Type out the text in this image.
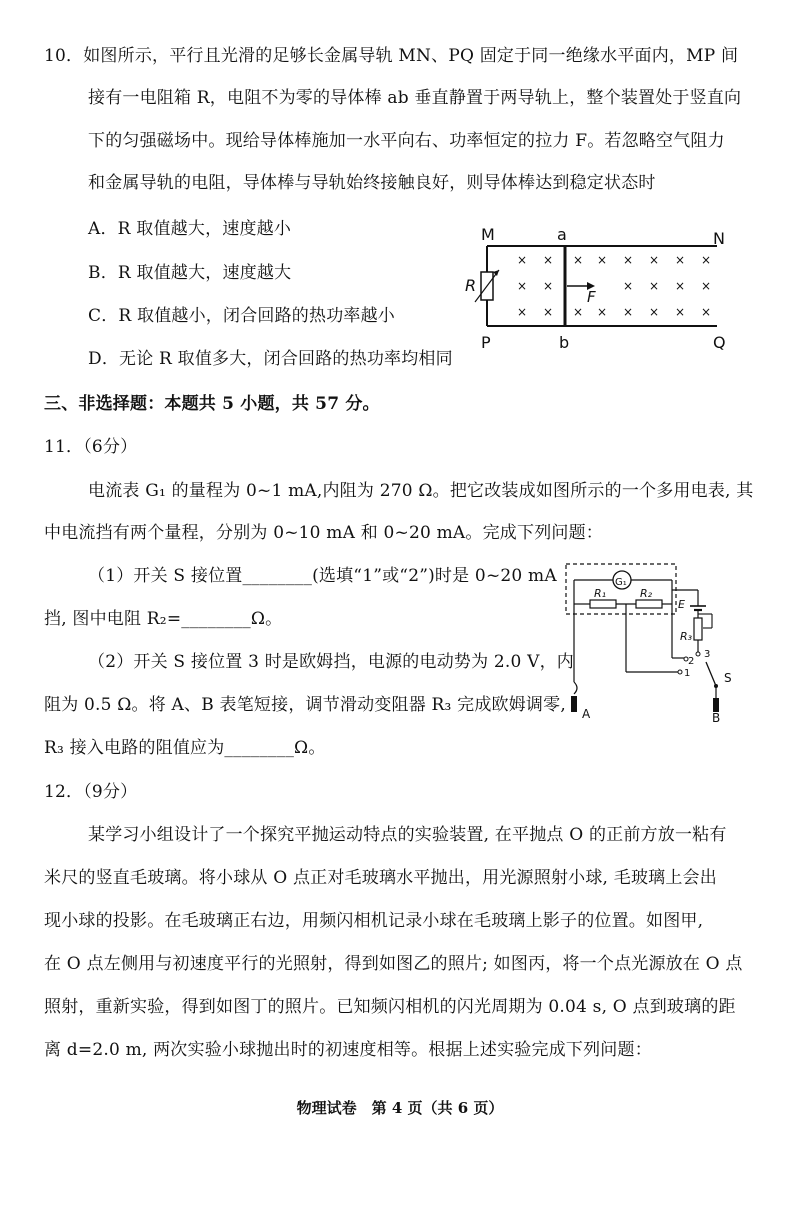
10．如图所示，平行且光滑的足够长金属导轨 MN、PQ 固定于同一绝缘水平面内，MP 间
接有一电阻箱 R，电阻不为零的导体棒 ab 垂直静置于两导轨上，整个装置处于竖直向
下的匀强磁场中。现给导体棒施加一水平向右、功率恒定的拉力 F。若忽略空气阻力
和金属导轨的电阻，导体棒与导轨始终接触良好，则导体棒达到稳定状态时
A．R 取值越大，速度越小
B．R 取值越大，速度越大
C．R 取值越小，闭合回路的热功率越小
D．无论 R 取值多大，闭合回路的热功率均相同
M	a	N
P	b	Q
R
F
× ×
× ×
× ×
× × × × × ×
× × × ×
× × × × × ×
三、非选择题：本题共 5 小题，共 57 分。
11．（6分）
电流表 G₁ 的量程为 0~1 mA,内阻为 270 Ω。把它改装成如图所示的一个多用电表, 其
中电流挡有两个量程，分别为 0~10 mA 和 0~20 mA。完成下列问题：
（1）开关 S 接位置________(选填“1”或“2”)时是 0~20 mA
挡, 图中电阻 R₂=________Ω。
（2）开关 S 接位置 3 时是欧姆挡，电源的电动势为 2.0 V，内
阻为 0.5 Ω。将 A、B 表笔短接，调节滑动变阻器 R₃ 完成欧姆调零,
R₃ 接入电路的阻值应为________Ω。
G₁
R₁	R₂
E
R₃
3
2
1	S
B
A
12．（9分）
某学习小组设计了一个探究平抛运动特点的实验装置, 在平抛点 O 的正前方放一粘有
米尺的竖直毛玻璃。将小球从 O 点正对毛玻璃水平抛出，用光源照射小球, 毛玻璃上会出
现小球的投影。在毛玻璃正右边，用频闪相机记录小球在毛玻璃上影子的位置。如图甲,
在 O 点左侧用与初速度平行的光照射，得到如图乙的照片; 如图丙，将一个点光源放在 O 点
照射，重新实验，得到如图丁的照片。已知频闪相机的闪光周期为 0.04 s, O 点到玻璃的距
离 d=2.0 m, 两次实验小球抛出时的初速度相等。根据上述实验完成下列问题：
物理试卷　第 4 页（共 6 页）
